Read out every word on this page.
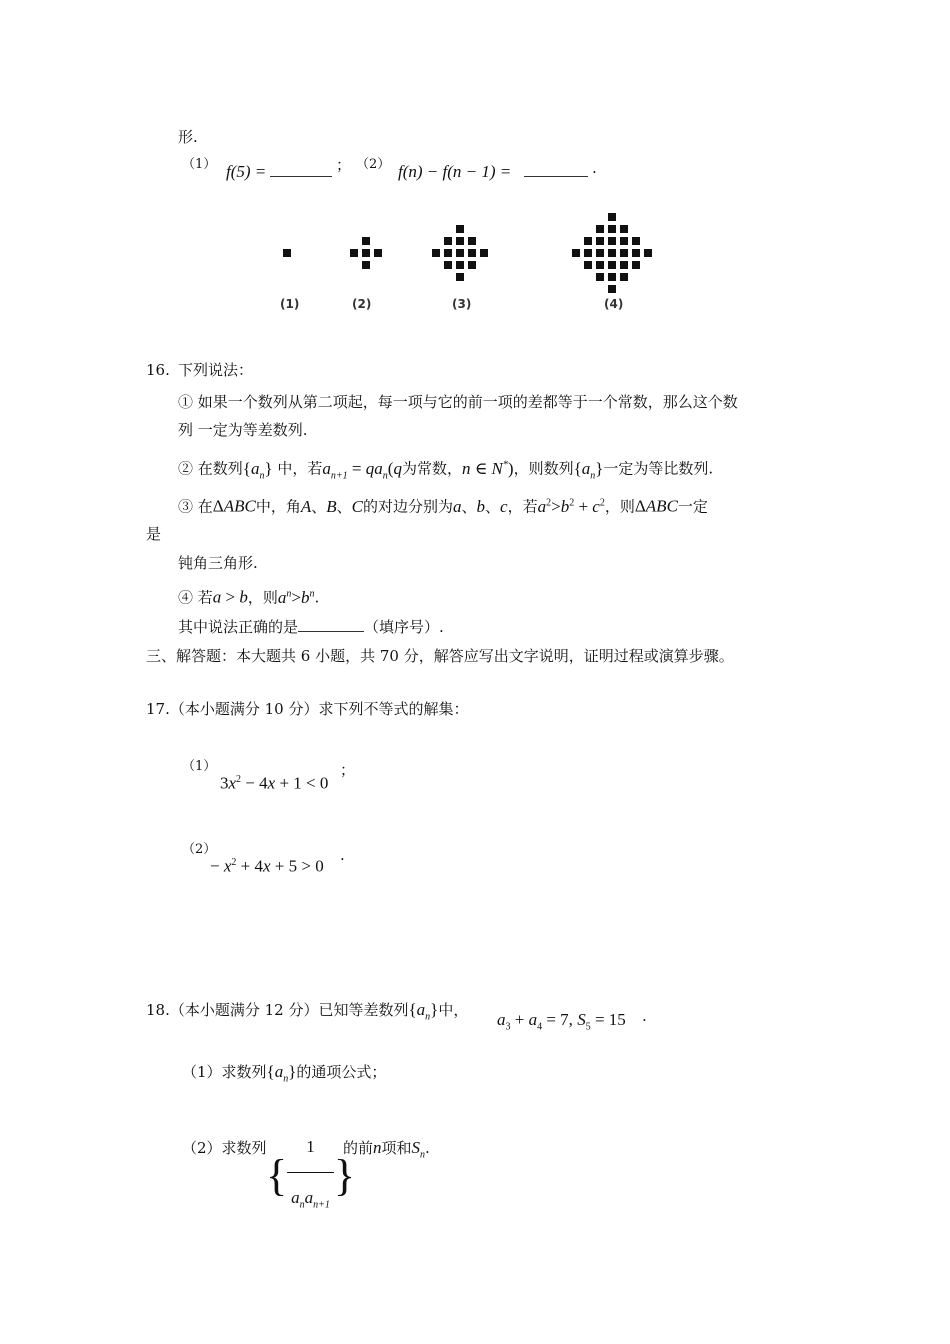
形.
（1） f(5) =	； （2） f(n) − f(n − 1) =	.
(1)	(2)	(3)	(4)
16. 下列说法：
① 如果一个数列从第二项起，每一项与它的前一项的差都等于一个常数，那么这个数
列 一定为等差数列.
② 在数列$\{a_n\}$ 中，若$a_{n+1} = qa_n(q$为常数，n ∈ N*)，则数列$\{a_n\}$一定为等比数列.
③ 在ΔABC中，角A、B、C的对边分别为a、b、c，若$a^2>b^2 + c^2$，则ΔABC一定
是
钝角三角形.
④ 若a > b，则$a^n>b^n$.
其中说法正确的是	（填序号）.
三、解答题：本大题共 6 小题，共 70 分，解答应写出文字说明，证明过程或演算步骤。
17.（本小题满分 10 分）求下列不等式的解集：
（1）
$3x^2 - 4x + 1 < 0$
；
（2）
− $x^2 + 4x + 5 > 0$
.
18.（本小题满分 12 分）已知等差数列$\{a_n\}$中， $a_3 + a_4 = 7$, $S_5 = 15$ .
（1）求数列$\{a_n\}$的通项公式；
（2）求数列
{ $\frac{1}{a_na_{n+1}}$ }
的前n项和$S_n$.
